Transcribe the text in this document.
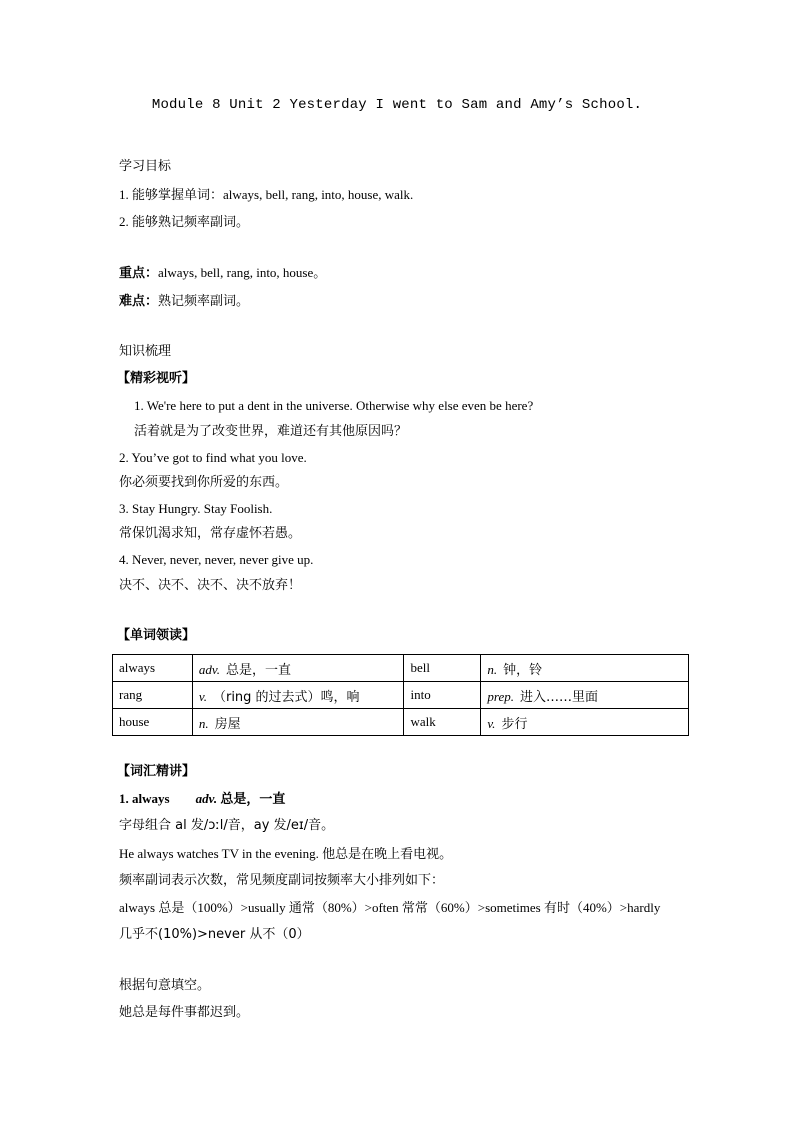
Module 8 Unit 2 Yesterday I went to Sam and Amy’s School.
学习目标
1. 能够掌握单词：always, bell, rang, into, house, walk.
2. 能够熟记频率副词。
重点：always, bell, rang, into, house。
难点：熟记频率副词。
知识梳理
【精彩视听】
1. We're here to put a dent in the universe. Otherwise why else even be here?
活着就是为了改变世界，难道还有其他原因吗？
2. You’ve got to find what you love.
你必须要找到你所爱的东西。
3. Stay Hungry. Stay Foolish.
常保饥渴求知，常存虚怀若愚。
4. Never, never, never, never give up.
决不、决不、决不、决不放弃！
【单词领读】
always	adv. 总是，一直	bell	n. 钟，铃
rang	v. （ring 的过去式）鸣，响	into	prep. 进入……里面
house	n. 房屋	walk	v. 步行
【词汇精讲】
1. always adv. 总是，一直
字母组合 al 发/ɔːl/音，ay 发/eɪ/音。
He always watches TV in the evening. 他总是在晚上看电视。
频率副词表示次数，常见频度副词按频率大小排列如下：
always 总是（100%）>usually 通常（80%）>often 常常（60%）>sometimes 有时（40%）>hardly
几乎不(10%)>never 从不（0）
根据句意填空。
她总是每件事都迟到。
